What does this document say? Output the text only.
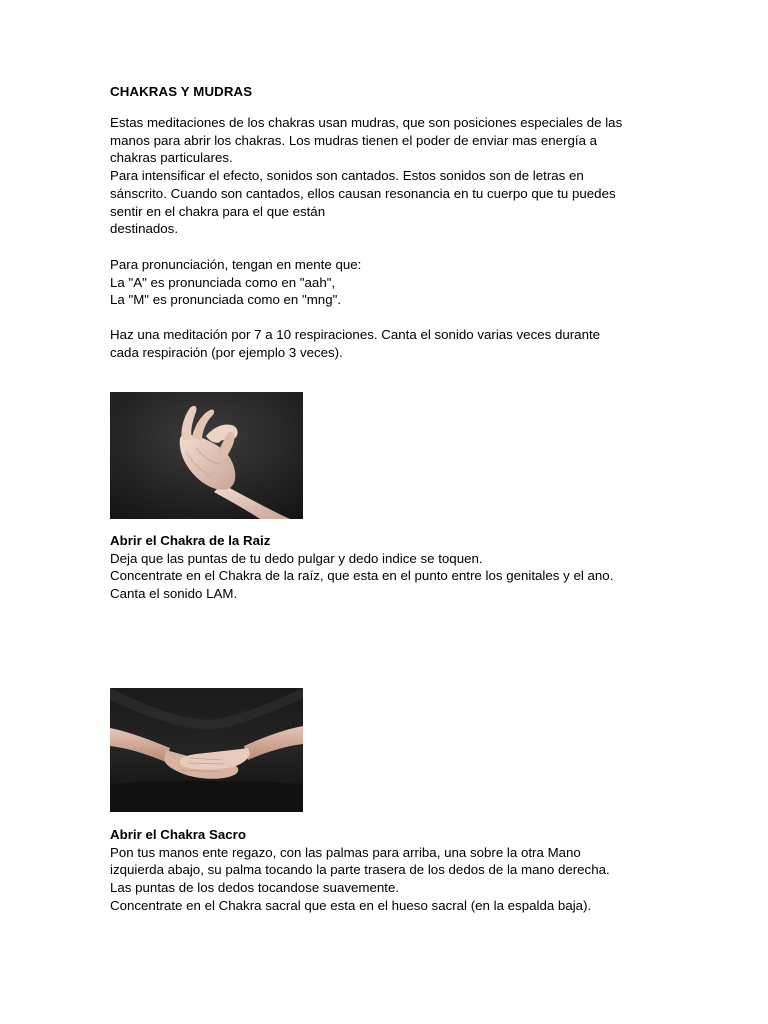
CHAKRAS Y MUDRAS
Estas meditaciones de los chakras usan mudras, que son posiciones especiales de las
manos para abrir los chakras. Los mudras tienen el poder de enviar mas energía a
chakras particulares.
Para intensificar el efecto, sonidos son cantados. Estos sonidos son de letras en
sánscrito. Cuando son cantados, ellos causan resonancia en tu cuerpo que tu puedes
sentir en el chakra para el que están
destinados.
Para pronunciación, tengan en mente que:
La "A" es pronunciada como en "aah",
La "M" es pronunciada como en "mng".
Haz una meditación por 7 a 10 respiraciones. Canta el sonido varias veces durante
cada respiración (por ejemplo 3 veces).
Abrir el Chakra de la Raiz
Deja que las puntas de tu dedo pulgar y dedo indice se toquen.
Concentrate en el Chakra de la raíz, que esta en el punto entre los genitales y el ano.
Canta el sonido LAM.
Abrir el Chakra Sacro
Pon tus manos ente regazo, con las palmas para arriba, una sobre la otra Mano
izquierda abajo, su palma tocando la parte trasera de los dedos de la mano derecha.
Las puntas de los dedos tocandose suavemente.
Concentrate en el Chakra sacral que esta en el hueso sacral (en la espalda baja).
